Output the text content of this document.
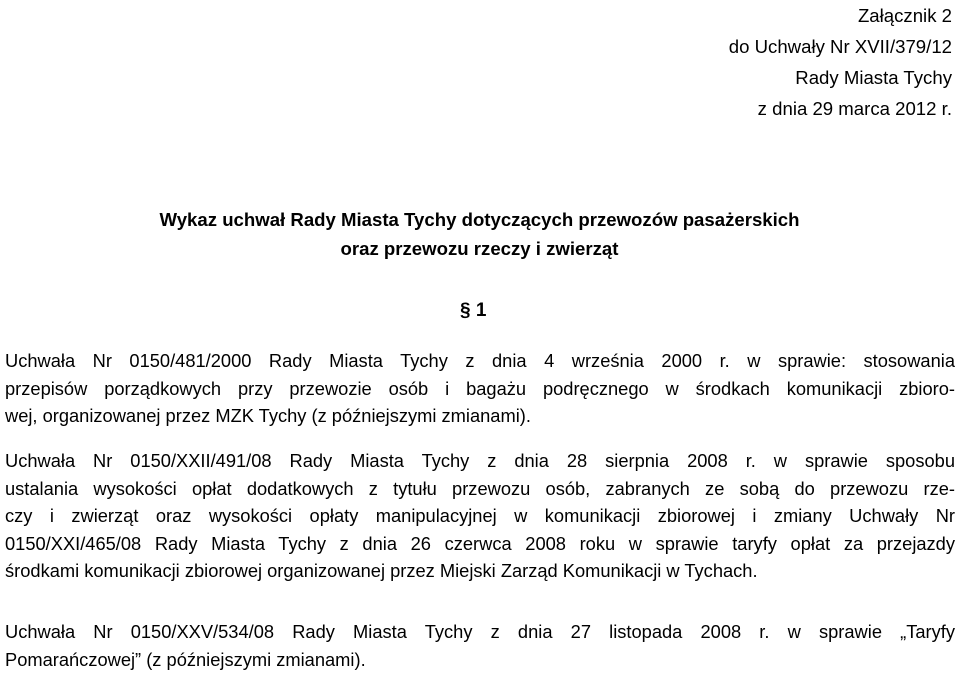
Załącznik 2
do Uchwały Nr XVII/379/12
Rady Miasta Tychy
z dnia 29 marca 2012 r.
Wykaz uchwał Rady Miasta Tychy dotyczących przewozów pasażerskich
oraz przewozu rzeczy i zwierząt
§ 1
Uchwała Nr 0150/481/2000 Rady Miasta Tychy z dnia 4 września 2000 r. w sprawie: stosowania
przepisów porządkowych przy przewozie osób i bagażu podręcznego w środkach komunikacji zbioro-
wej, organizowanej przez MZK Tychy (z późniejszymi zmianami).
Uchwała Nr 0150/XXII/491/08 Rady Miasta Tychy z dnia 28 sierpnia 2008 r. w sprawie sposobu
ustalania wysokości opłat dodatkowych z tytułu przewozu osób, zabranych ze sobą do przewozu rze-
czy i zwierząt oraz wysokości opłaty manipulacyjnej w komunikacji zbiorowej i zmiany Uchwały Nr
0150/XXI/465/08 Rady Miasta Tychy z dnia 26 czerwca 2008 roku w sprawie taryfy opłat za przejazdy
środkami komunikacji zbiorowej organizowanej przez Miejski Zarząd Komunikacji w Tychach.
Uchwała Nr 0150/XXV/534/08 Rady Miasta Tychy z dnia 27 listopada 2008 r. w sprawie „Taryfy
Pomarańczowej” (z późniejszymi zmianami).
